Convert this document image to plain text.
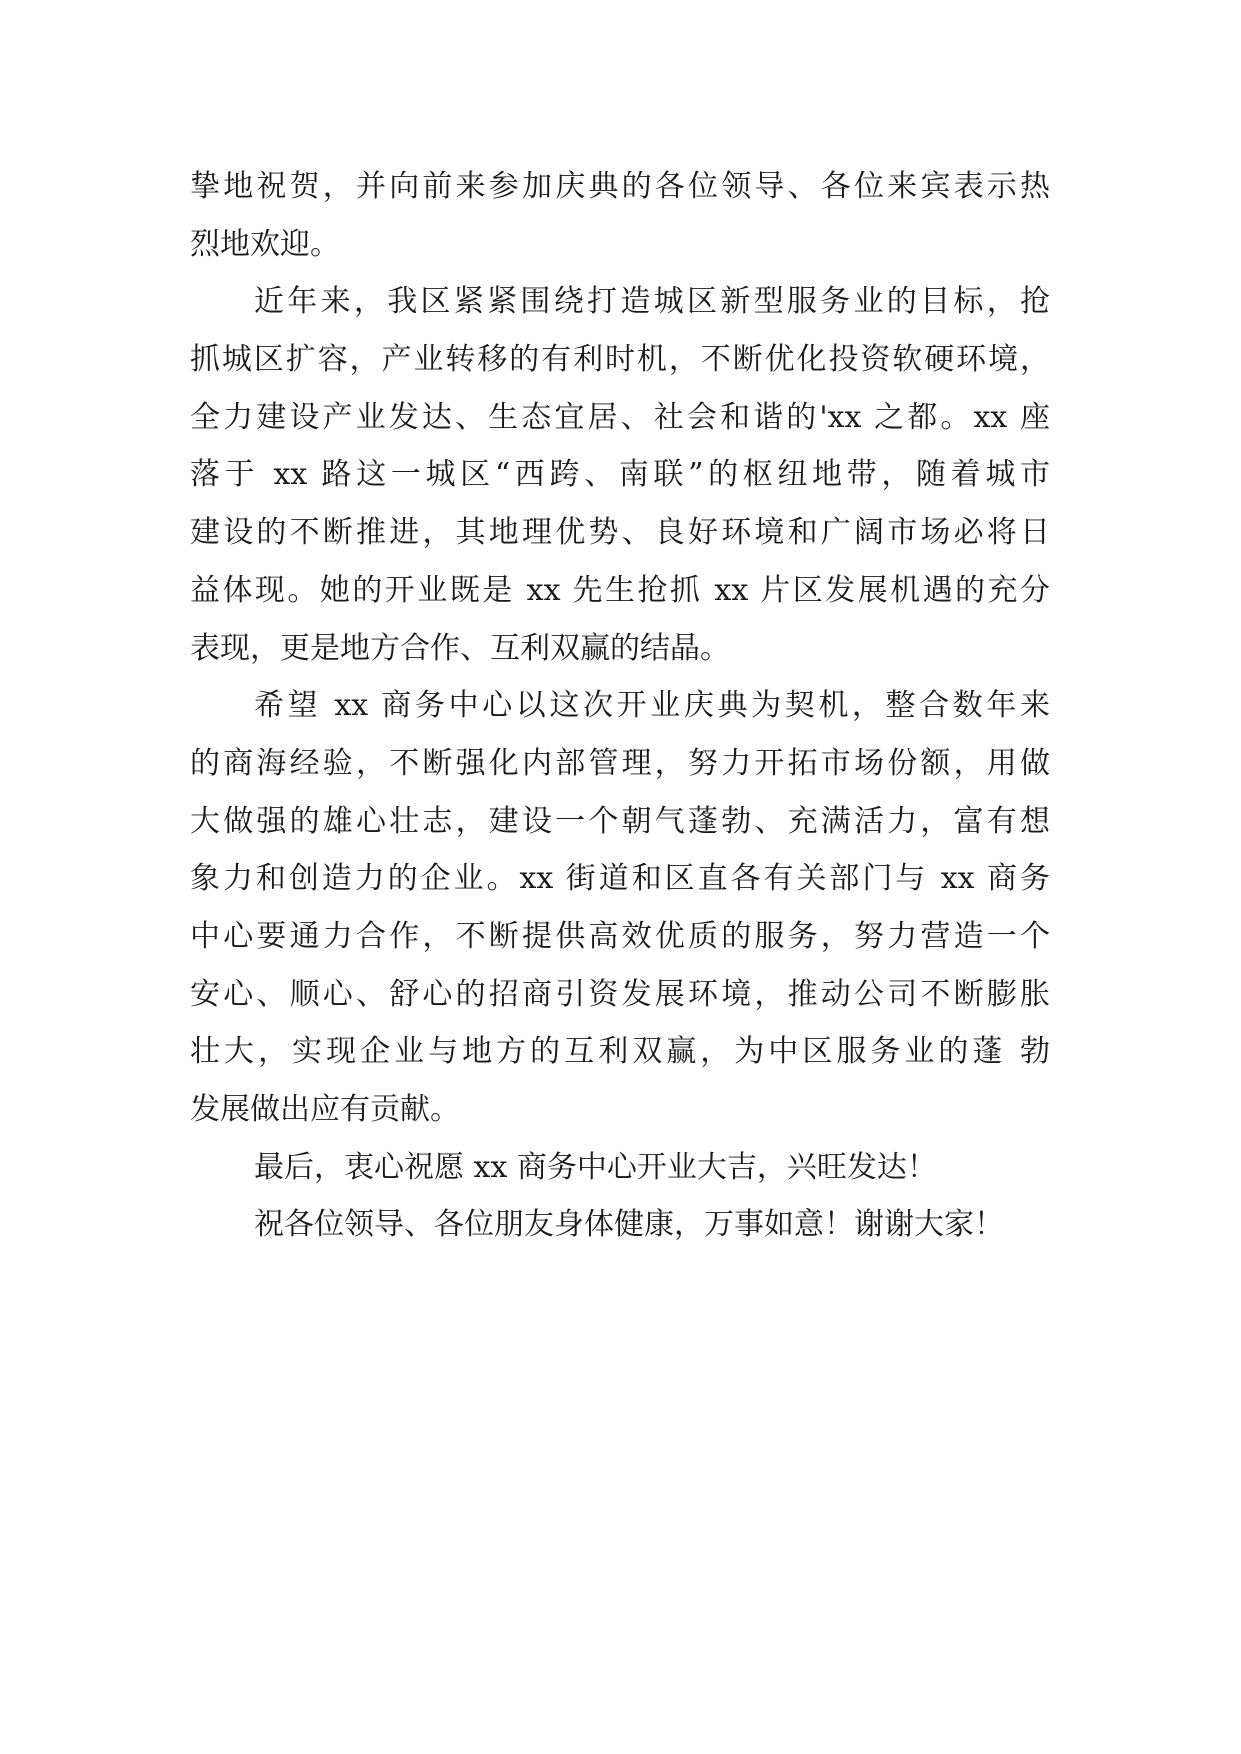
挚地祝贺，并向前来参加庆典的各位领导、各位来宾表示热
烈地欢迎。
近年来，我区紧紧围绕打造城区新型服务业的目标，抢
抓城区扩容，产业转移的有利时机，不断优化投资软硬环境，
全力建设产业发达、生态宜居、社会和谐的'xx 之都。xx 座
落于 xx 路这一城区“西跨、南联”的枢纽地带，随着城市
建设的不断推进，其地理优势、良好环境和广阔市场必将日
益体现。她的开业既是 xx 先生抢抓 xx 片区发展机遇的充分
表现，更是地方合作、互利双赢的结晶。
希望 xx 商务中心以这次开业庆典为契机，整合数年来
的商海经验，不断强化内部管理，努力开拓市场份额，用做
大做强的雄心壮志，建设一个朝气蓬勃、充满活力，富有想
象力和创造力的企业。xx 街道和区直各有关部门与 xx 商务
中心要通力合作，不断提供高效优质的服务，努力营造一个
安心、顺心、舒心的招商引资发展环境，推动公司不断膨胀
壮大，实现企业与地方的互利双赢，为中区服务业的蓬 勃
发展做出应有贡献。
最后，衷心祝愿 xx 商务中心开业大吉，兴旺发达！
祝各位领导、各位朋友身体健康，万事如意！谢谢大家！
